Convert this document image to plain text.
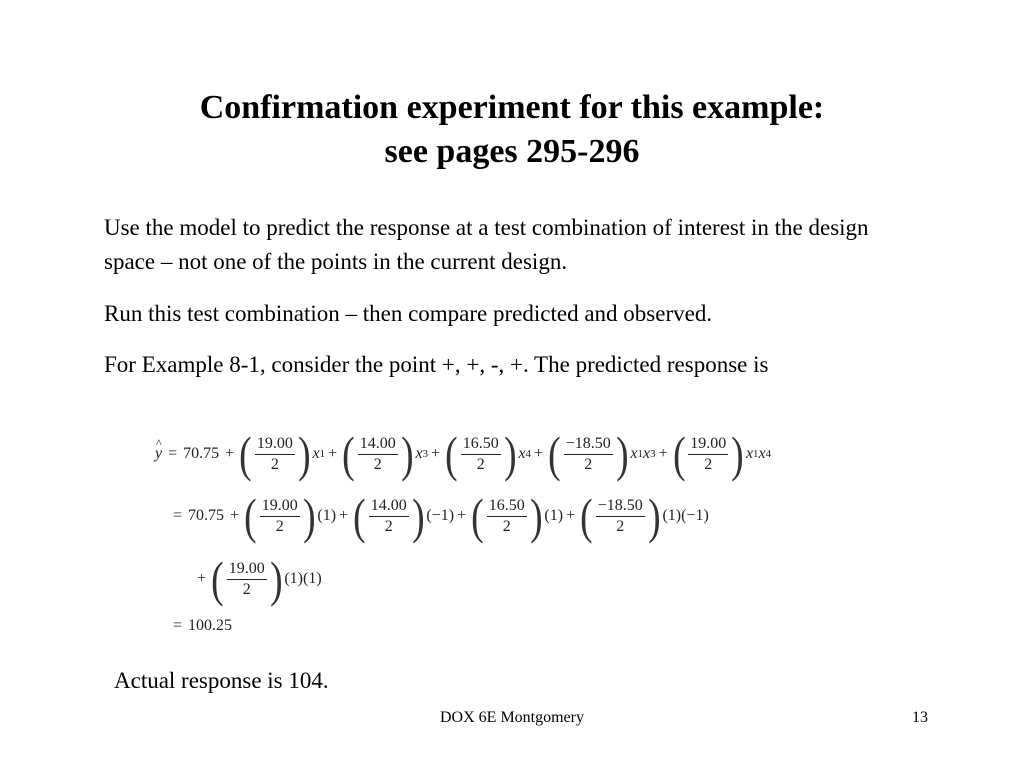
Confirmation experiment for this example:
see pages 295-296
Use the model to predict the response at a test combination of interest in the design space – not one of the points in the current design.
Run this test combination – then compare predicted and observed.
For Example 8-1, consider the point +, +, -, +. The predicted response is
y ^ = 70.75 + ( $\frac{19.00}{2}$ ) x 1 + ( $\frac{14.00}{2}$ ) x 3 + ( $\frac{16.50}{2}$ ) x 4 + ( $\frac{-18.50}{2}$ ) x 1 x 3 + ( $\frac{19.00}{2}$ ) x 1 x 4
= 70.75 + ( $\frac{19.00}{2}$ ) (1) + ( $\frac{14.00}{2}$ ) (−1) + ( $\frac{16.50}{2}$ ) (1) + ( $\frac{-18.50}{2}$ ) (1)(−1)
+ ( $\frac{19.00}{2}$ ) (1)(1)
= 100.25
Actual response is 104.
DOX 6E Montgomery	13
